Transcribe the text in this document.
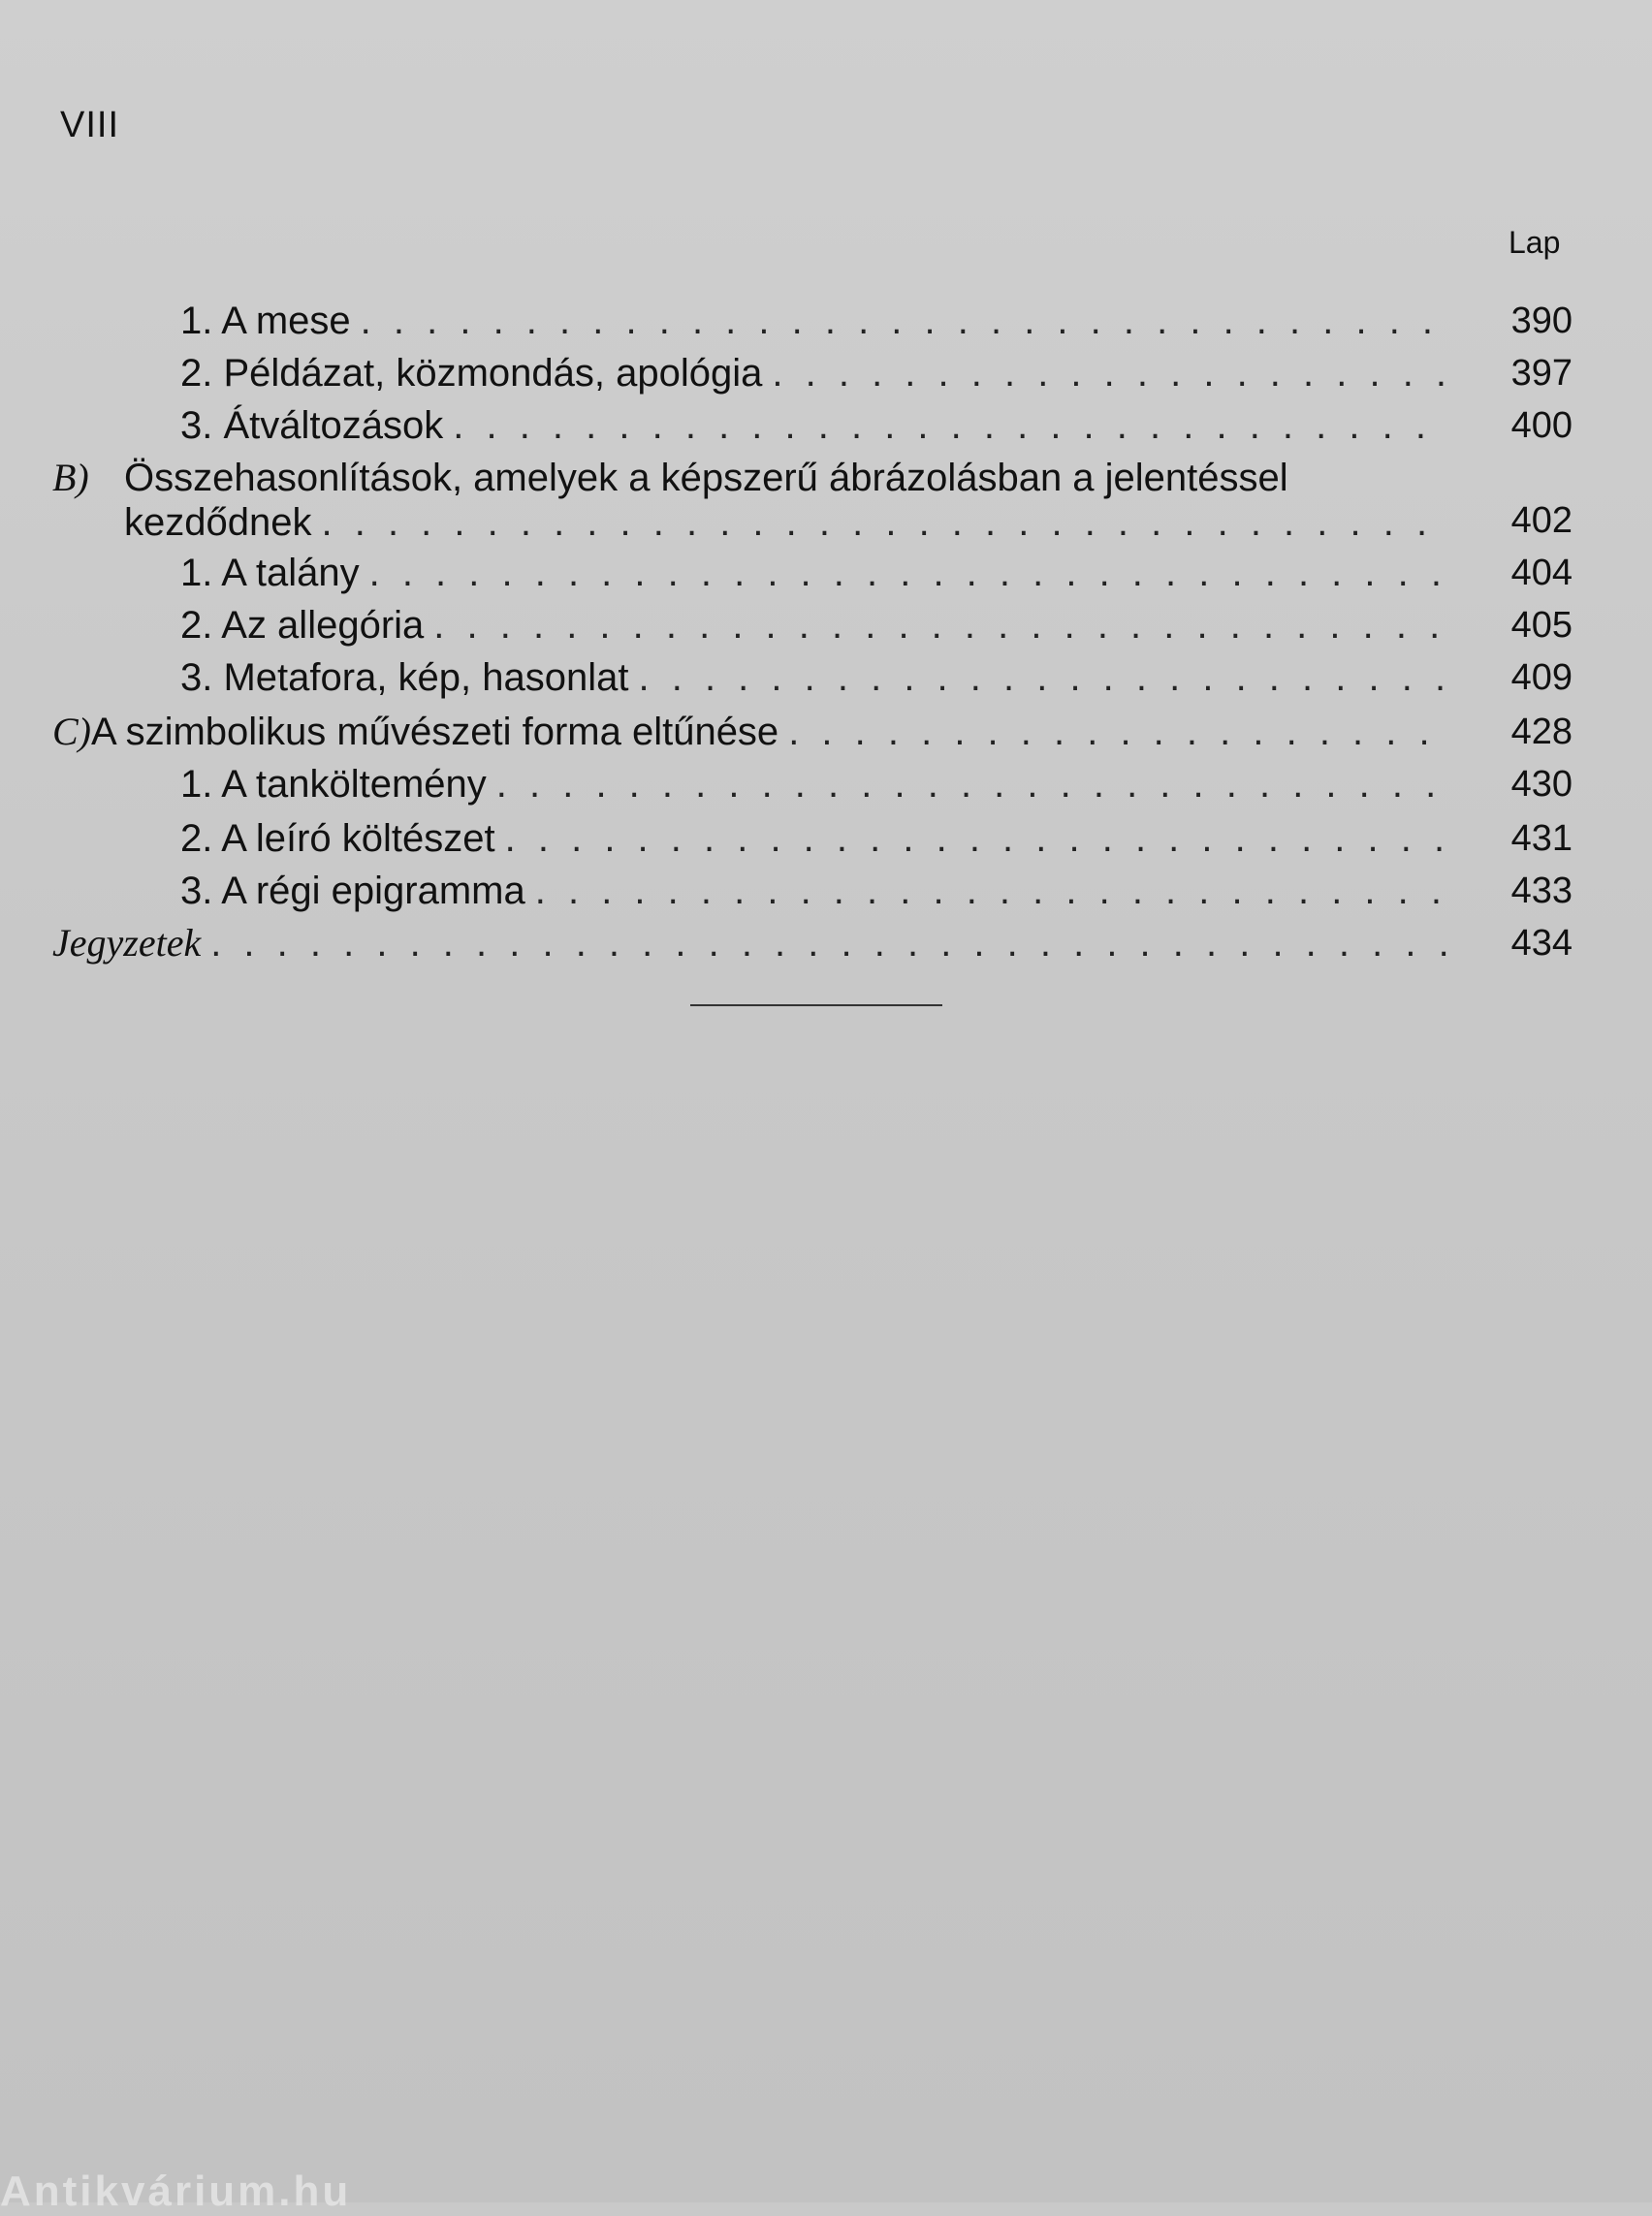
VIII
Lap
1. A mese . . .	390
2. Példázat, közmondás, apológia . . .	397
3. Átváltozások . . .	400
B) Összehasonlítások, amelyek a képszerű ábrázolásban a jelentéssel
kezdődnek . . .	402
1. A talány . . .	404
2. Az allegória . . .	405
3. Metafora, kép, hasonlat . . .	409
C) A szimbolikus művészeti forma eltűnése . . .	428
1. A tanköltemény . . .	430
2. A leíró költészet . . .	431
3. A régi epigramma . . .	433
Jegyzetek . . .	434
Antikvárium.hu
